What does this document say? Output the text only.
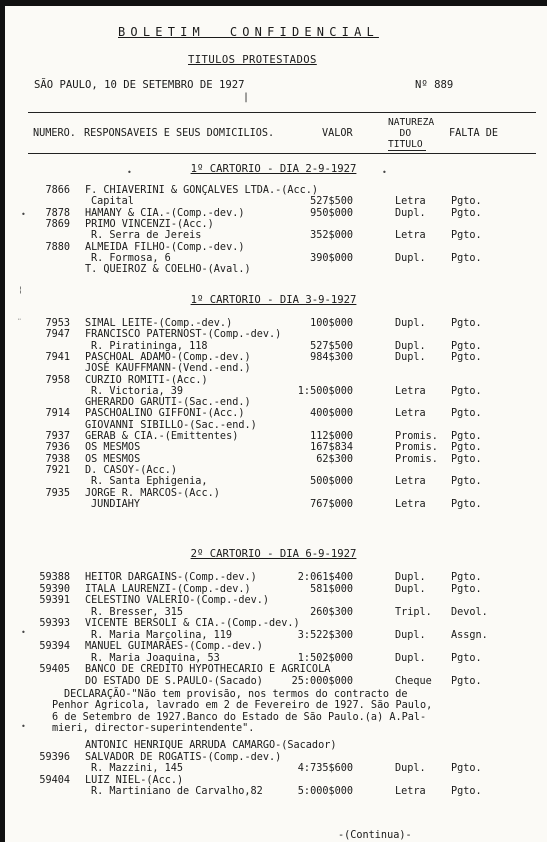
BOLETIM  CONFIDENCIAL
TITULOS PROTESTADOS
SÃO PAULO, 10 DE SETEMBRO DE 1927	Nº 889
|
NUMERO. RESPONSAVEIS E SEUS DOMICILIOS.	VALOR
NATUREZA
DO
TITULO
FALTA DE
•
¦
¨
•
•
•	•
1º CARTORIO - DIA 2-9-1927
7866 F. CHIAVERINI & GONÇALVES LTDA.-(Acc.)
Capital	527$500	Letra Pgto.
7878 HAMANY & CIA.-(Comp.-dev.)	950$000	Dupl. Pgto.
7869 PRIMO VINCENZI-(Acc.)
R. Serra de Jereis	352$000	Letra Pgto.
7880 ALMEIDA FILHO-(Comp.-dev.)
R. Formosa, 6	390$000	Dupl. Pgto.
T. QUEIROZ & COELHO-(Aval.)
1º CARTORIO - DIA 3-9-1927
7953 SIMAL LEITE-(Comp.-dev.)	100$000	Dupl. Pgto.
7947 FRANCISCO PATERNOST-(Comp.-dev.)
R. Piratininga, 118	527$500	Dupl. Pgto.
7941 PASCHOAL ADAMO-(Comp.-dev.)	984$300	Dupl. Pgto.
JOSÉ KAUFFMANN-(Vend.-end.)
7958 CURZIO ROMITI-(Acc.)
R. Victoria, 39	1:500$000	Letra Pgto.
GHERARDO GARUTI-(Sac.-end.)
7914 PASCHOALINO GIFFONI-(Acc.)	400$000	Letra Pgto.
GIOVANNI SIBILLO-(Sac.-end.)
7937 GERAB & CIA.-(Emittentes)	112$000	Promis. Pgto.
7936 OS MESMOS	167$834	Promis. Pgto.
7938 OS MESMOS	62$300	Promis. Pgto.
7921 D. CASOY-(Acc.)
R. Santa Ephigenia,	500$000	Letra Pgto.
7935 JORGE R. MARCOS-(Acc.)
JUNDIAHY	767$000	Letra Pgto.
2º CARTORIO - DIA 6-9-1927
59388 HEITOR DARGAINS-(Comp.-dev.)	2:061$400	Dupl. Pgto.
59390 ITALA LAURENZI-(Comp.-dev.)	581$000	Dupl. Pgto.
59391 CELESTINO VALERIO-(Comp.-dev.)
R. Bresser, 315	260$300	Tripl. Devol.
59393 VICENTE BERSOLI & CIA.-(Comp.-dev.)
R. Maria Marcolina, 119	3:522$300	Dupl. Assgn.
59394 MANUEL GUIMARÃES-(Comp.-dev.)
R. Maria Joaquina, 53	1:502$000	Dupl. Pgto.
59405 BANCO DE CREDITO HYPOTHECARIO E AGRICOLA
DO ESTADO DE S.PAULO-(Sacado)	25:000$000	Cheque Pgto.
DECLARAÇÃO-"Não tem provisão, nos termos do contracto de
Penhor Agricola, lavrado em 2 de Fevereiro de 1927. São Paulo,
6 de Setembro de 1927.Banco do Estado de São Paulo.(a) A.Pal-
mieri, director-superintendente".
ANTONIC HENRIQUE ARRUDA CAMARGO-(Sacador)
59396 SALVADOR DE ROGATIS-(Comp.-dev.)
R. Mazzini, 145	4:735$600	Dupl. Pgto.
59404 LUIZ NIEL-(Acc.)
R. Martiniano de Carvalho,82	5:000$000	Letra Pgto.
-(Continua)-
